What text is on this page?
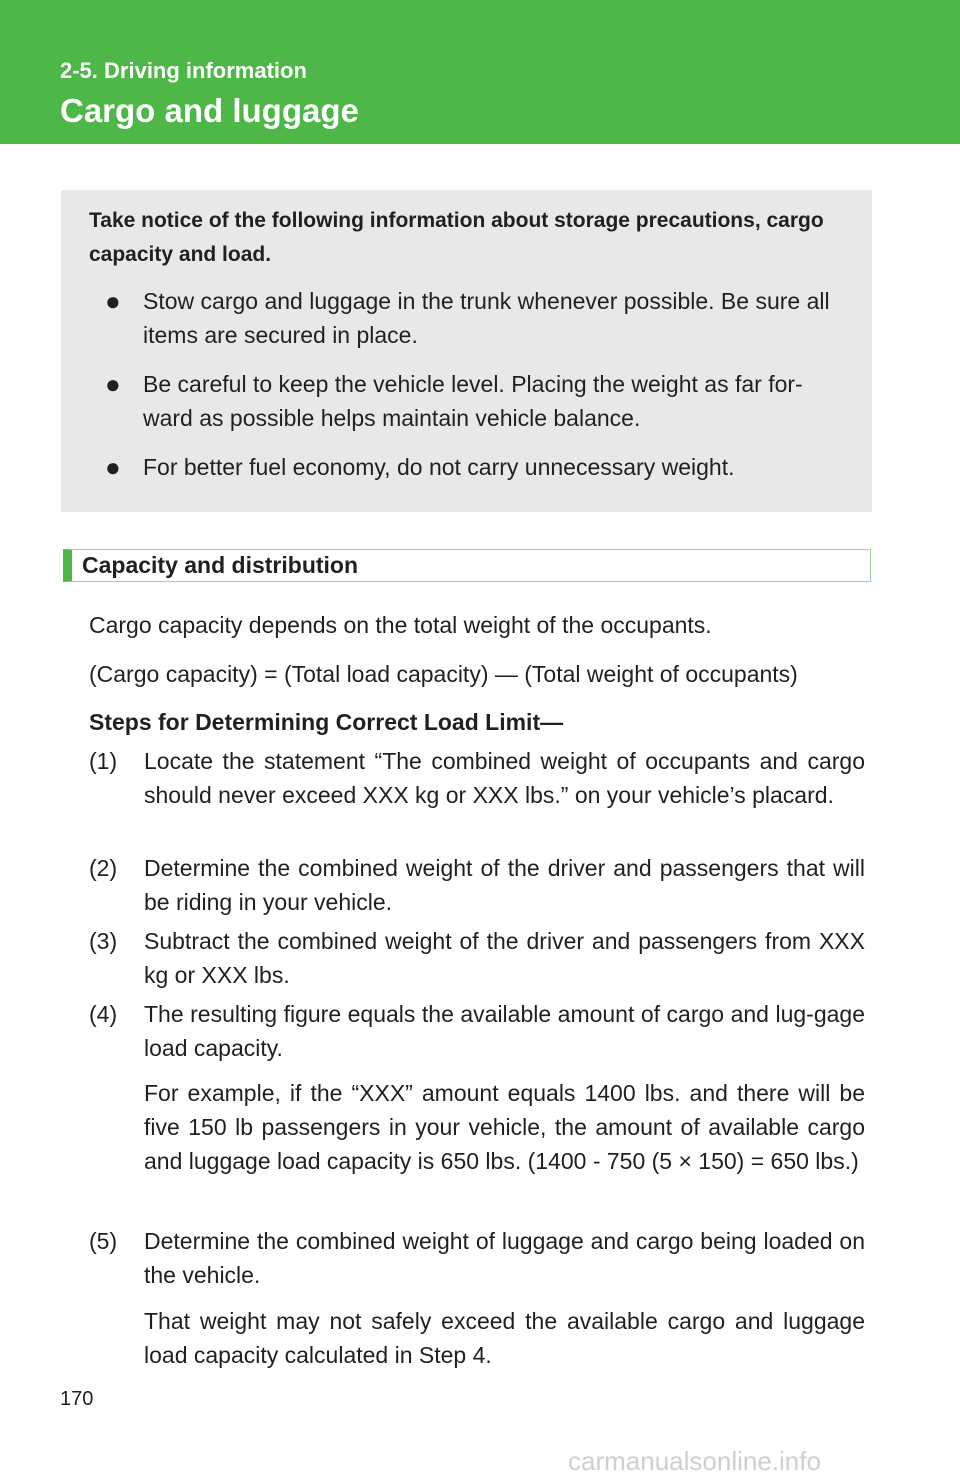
2-5. Driving information
Cargo and luggage
Take notice of the following information about storage precautions, cargo capacity and load.
● Stow cargo and luggage in the trunk whenever possible. Be sure all items are secured in place.
● Be careful to keep the vehicle level. Placing the weight as far for-ward as possible helps maintain vehicle balance.
● For better fuel economy, do not carry unnecessary weight.
Capacity and distribution
Cargo capacity depends on the total weight of the occupants.
(Cargo capacity) = (Total load capacity) — (Total weight of occupants)
Steps for Determining Correct Load Limit—
(1) Locate the statement “The combined weight of occupants and cargo should never exceed XXX kg or XXX lbs.” on your vehicle’s placard.
(2) Determine the combined weight of the driver and passengers that will be riding in your vehicle.
(3) Subtract the combined weight of the driver and passengers from XXX kg or XXX lbs.
(4) The resulting figure equals the available amount of cargo and lug-gage load capacity.
For example, if the “XXX” amount equals 1400 lbs. and there will be five 150 lb passengers in your vehicle, the amount of available cargo and luggage load capacity is 650 lbs. (1400 - 750 (5 × 150) = 650 lbs.)
(5) Determine the combined weight of luggage and cargo being loaded on the vehicle.
That weight may not safely exceed the available cargo and luggage load capacity calculated in Step 4.
170
carmanualsonline.info
